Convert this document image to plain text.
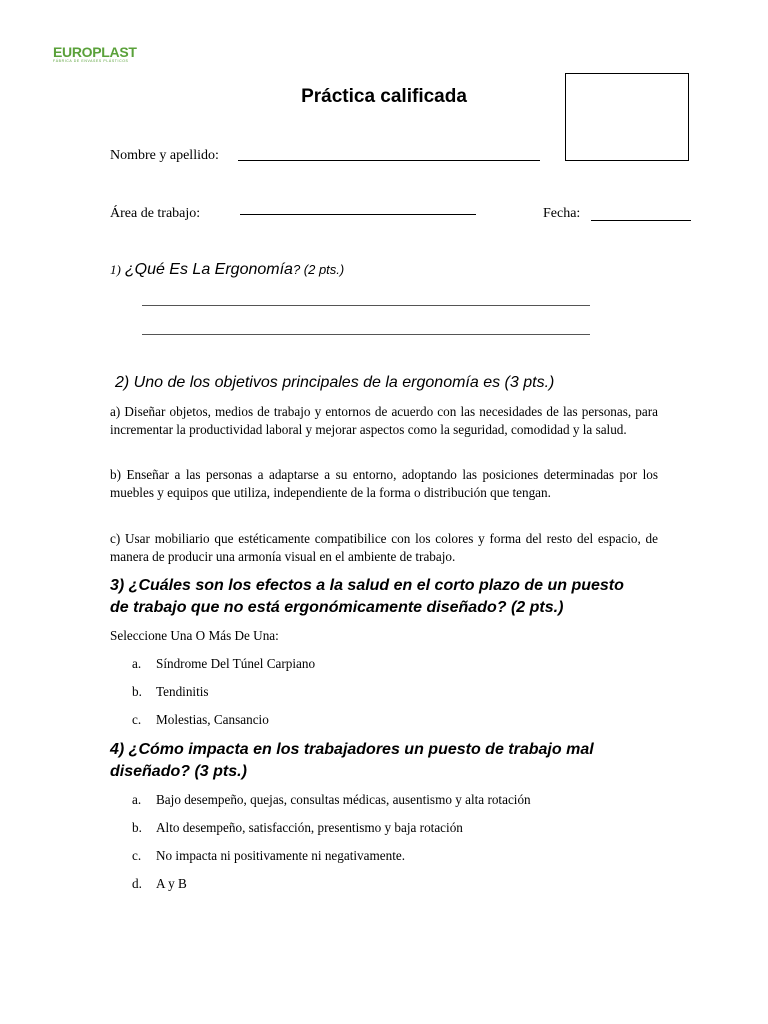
EUROPLAST
FÁBRICA DE ENVASES PLÁSTICOS
Práctica calificada
Nombre y apellido:
Área de trabajo:	Fecha:
1) ¿Qué Es La Ergonomía? (2 pts.)
2) Uno de los objetivos principales de la ergonomía es (3 pts.)
a) Diseñar objetos, medios de trabajo y entornos de acuerdo con las necesidades de las personas, para incrementar la productividad laboral y mejorar aspectos como la seguridad, comodidad y la salud.
b) Enseñar a las personas a adaptarse a su entorno, adoptando las posiciones determinadas por los muebles y equipos que utiliza, independiente de la forma o distribución que tengan.
c) Usar mobiliario que estéticamente compatibilice con los colores y forma del resto del espacio, de manera de producir una armonía visual en el ambiente de trabajo.
3) ¿Cuáles son los efectos a la salud en el corto plazo de un puesto
de trabajo que no está ergonómicamente diseñado? (2 pts.)
Seleccione Una O Más De Una:
a. Síndrome Del Túnel Carpiano
b. Tendinitis
c. Molestias, Cansancio
4) ¿Cómo impacta en los trabajadores un puesto de trabajo mal
diseñado? (3 pts.)
a. Bajo desempeño, quejas, consultas médicas, ausentismo y alta rotación
b. Alto desempeño, satisfacción, presentismo y baja rotación
c. No impacta ni positivamente ni negativamente.
d. A y B
